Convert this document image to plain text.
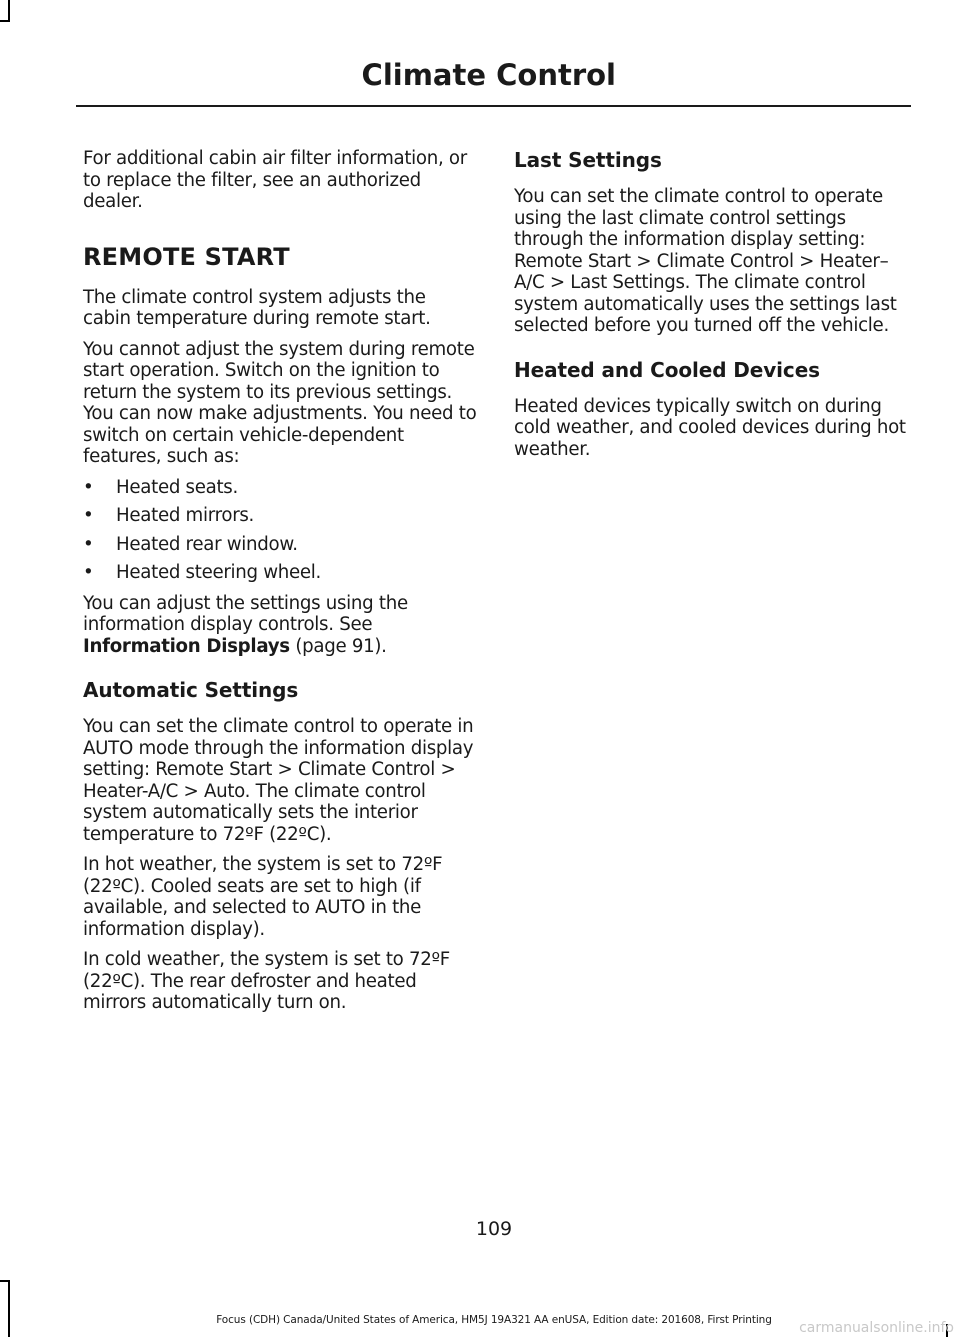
Climate Control

For additional cabin air filter information, or to replace the filter, see an authorized dealer.

REMOTE START

The climate control system adjusts the cabin temperature during remote start.

You cannot adjust the system during remote start operation. Switch on the ignition to return the system to its previous settings. You can now make adjustments. You need to switch on certain vehicle-dependent features, such as:

• Heated seats.
• Heated mirrors.
• Heated rear window.
• Heated steering wheel.

You can adjust the settings using the information display controls. See Information Displays (page 91).

Automatic Settings

You can set the climate control to operate in AUTO mode through the information display setting: Remote Start > Climate Control > Heater-A/C > Auto. The climate control system automatically sets the interior temperature to 72ºF (22ºC).

In hot weather, the system is set to 72ºF (22ºC). Cooled seats are set to high (if available, and selected to AUTO in the information display).

In cold weather, the system is set to 72ºF (22ºC). The rear defroster and heated mirrors automatically turn on.

Last Settings

You can set the climate control to operate using the last climate control settings through the information display setting: Remote Start > Climate Control > Heater–A/C > Last Settings. The climate control system automatically uses the settings last selected before you turned off the vehicle.

Heated and Cooled Devices

Heated devices typically switch on during cold weather, and cooled devices during hot weather.

109
Focus (CDH) Canada/United States of America, HM5J 19A321 AA enUSA, Edition date: 201608, First Printing	carmanualsonline.info
